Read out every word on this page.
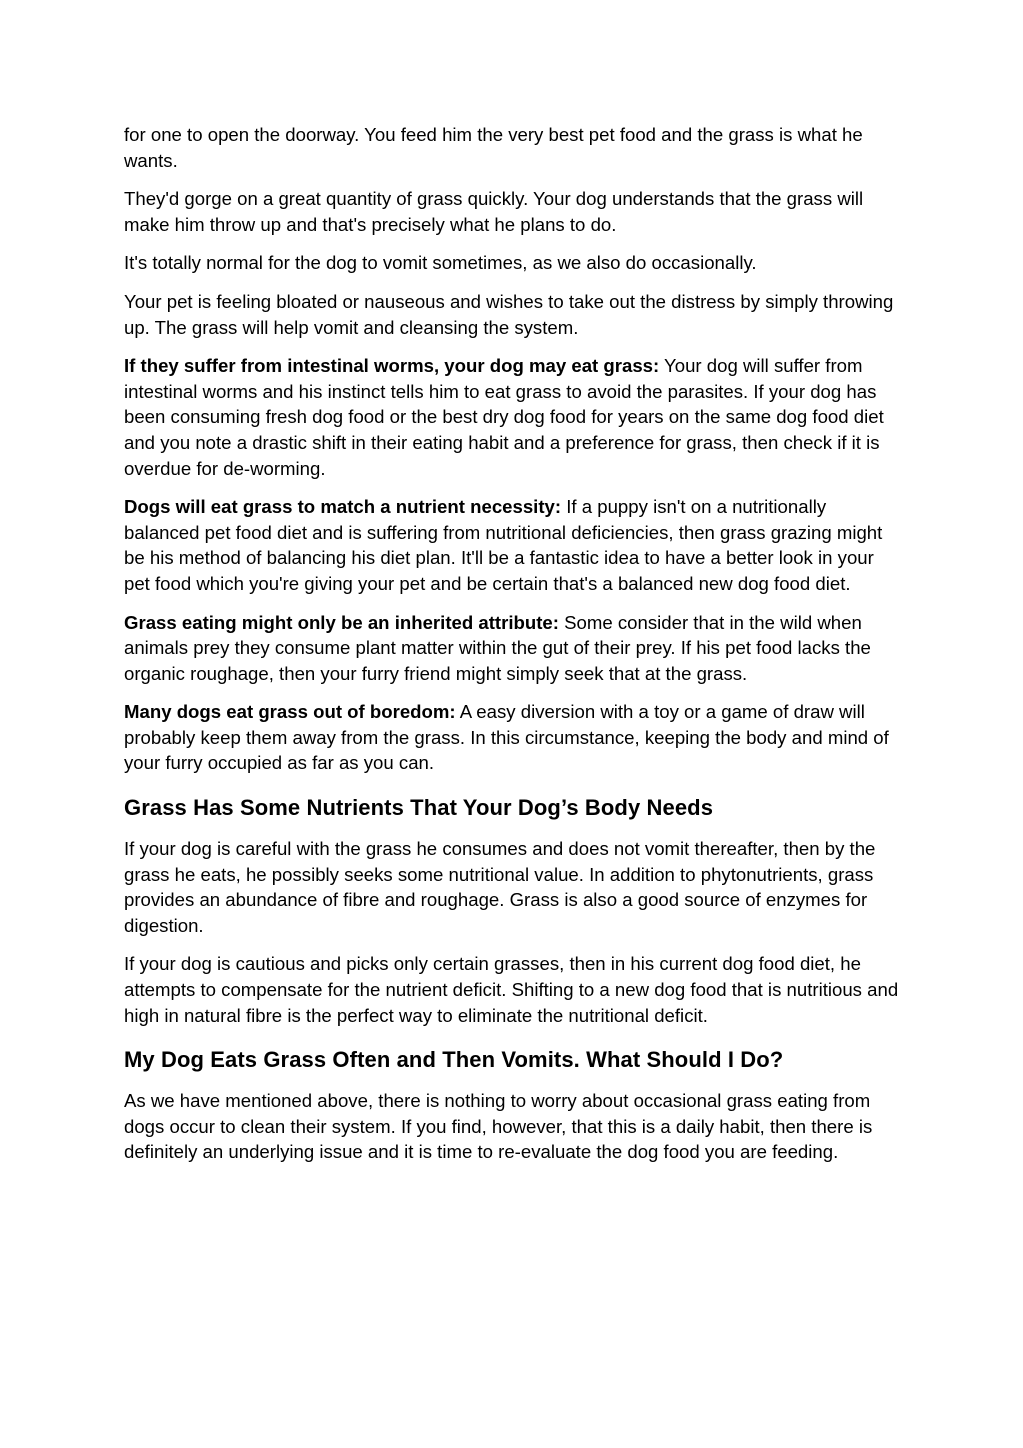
for one to open the doorway. You feed him the very best pet food and the grass is what he wants.

They'd gorge on a great quantity of grass quickly. Your dog understands that the grass will make him throw up and that's precisely what he plans to do.

It's totally normal for the dog to vomit sometimes, as we also do occasionally.

Your pet is feeling bloated or nauseous and wishes to take out the distress by simply throwing up. The grass will help vomit and cleansing the system.

If they suffer from intestinal worms, your dog may eat grass: Your dog will suffer from intestinal worms and his instinct tells him to eat grass to avoid the parasites. If your dog has been consuming fresh dog food or the best dry dog food for years on the same dog food diet and you note a drastic shift in their eating habit and a preference for grass, then check if it is overdue for de-worming.

Dogs will eat grass to match a nutrient necessity: If a puppy isn't on a nutritionally balanced pet food diet and is suffering from nutritional deficiencies, then grass grazing might be his method of balancing his diet plan. It'll be a fantastic idea to have a better look in your pet food which you're giving your pet and be certain that's a balanced new dog food diet.

Grass eating might only be an inherited attribute: Some consider that in the wild when animals prey they consume plant matter within the gut of their prey. If his pet food lacks the organic roughage, then your furry friend might simply seek that at the grass.

Many dogs eat grass out of boredom: A easy diversion with a toy or a game of draw will probably keep them away from the grass. In this circumstance, keeping the body and mind of your furry occupied as far as you can.

Grass Has Some Nutrients That Your Dog’s Body Needs

If your dog is careful with the grass he consumes and does not vomit thereafter, then by the grass he eats, he possibly seeks some nutritional value. In addition to phytonutrients, grass provides an abundance of fibre and roughage. Grass is also a good source of enzymes for digestion.

If your dog is cautious and picks only certain grasses, then in his current dog food diet, he attempts to compensate for the nutrient deficit. Shifting to a new dog food that is nutritious and high in natural fibre is the perfect way to eliminate the nutritional deficit.

My Dog Eats Grass Often and Then Vomits. What Should I Do?

As we have mentioned above, there is nothing to worry about occasional grass eating from dogs occur to clean their system. If you find, however, that this is a daily habit, then there is definitely an underlying issue and it is time to re-evaluate the dog food you are feeding.
